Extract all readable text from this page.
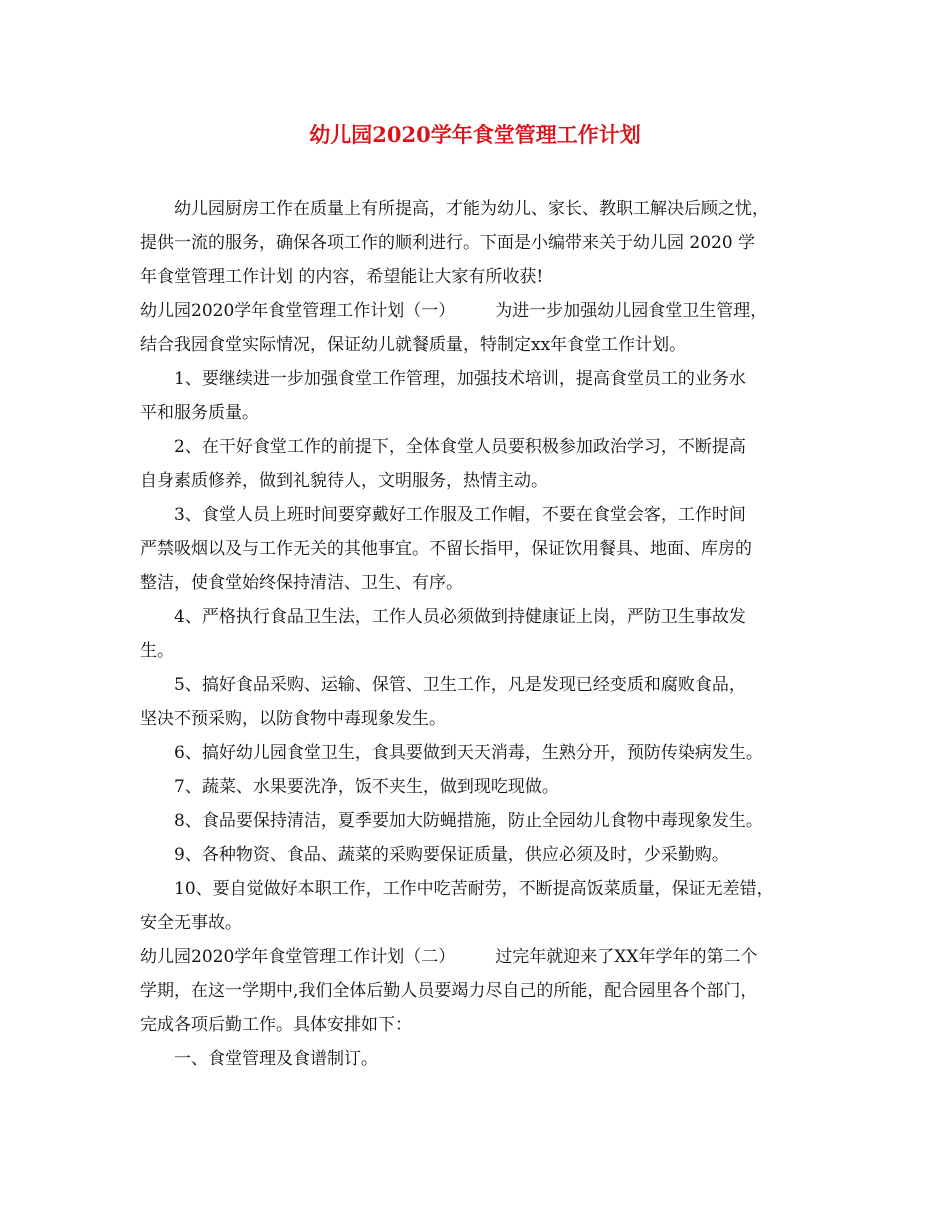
幼儿园2020学年食堂管理工作计划
幼儿园厨房工作在质量上有所提高，才能为幼儿、家长、教职工解决后顾之忧，
提供一流的服务，确保各项工作的顺利进行。下面是小编带来关于幼儿园 2020 学
年食堂管理工作计划 的内容，希望能让大家有所收获!
幼儿园2020学年食堂管理工作计划（一） 为进一步加强幼儿园食堂卫生管理，
结合我园食堂实际情况，保证幼儿就餐质量，特制定xx年食堂工作计划。
1、要继续进一步加强食堂工作管理，加强技术培训，提高食堂员工的业务水
平和服务质量。
2、在干好食堂工作的前提下，全体食堂人员要积极参加政治学习，不断提高
自身素质修养，做到礼貌待人，文明服务，热情主动。
3、食堂人员上班时间要穿戴好工作服及工作帽，不要在食堂会客，工作时间
严禁吸烟以及与工作无关的其他事宜。不留长指甲，保证饮用餐具、地面、库房的
整洁，使食堂始终保持清洁、卫生、有序。
4、严格执行食品卫生法，工作人员必须做到持健康证上岗，严防卫生事故发
生。
5、搞好食品采购、运输、保管、卫生工作，凡是发现已经变质和腐败食品，
坚决不预采购，以防食物中毒现象发生。
6、搞好幼儿园食堂卫生，食具要做到天天消毒，生熟分开，预防传染病发生。
7、蔬菜、水果要洗净，饭不夹生，做到现吃现做。
8、食品要保持清洁，夏季要加大防蝇措施，防止全园幼儿食物中毒现象发生。
9、各种物资、食品、蔬菜的采购要保证质量，供应必须及时，少采勤购。
10、要自觉做好本职工作，工作中吃苦耐劳，不断提高饭菜质量，保证无差错，
安全无事故。
幼儿园2020学年食堂管理工作计划（二） 过完年就迎来了XX年学年的第二个
学期，在这一学期中,我们全体后勤人员要竭力尽自己的所能，配合园里各个部门，
完成各项后勤工作。具体安排如下：
一、食堂管理及食谱制订。
